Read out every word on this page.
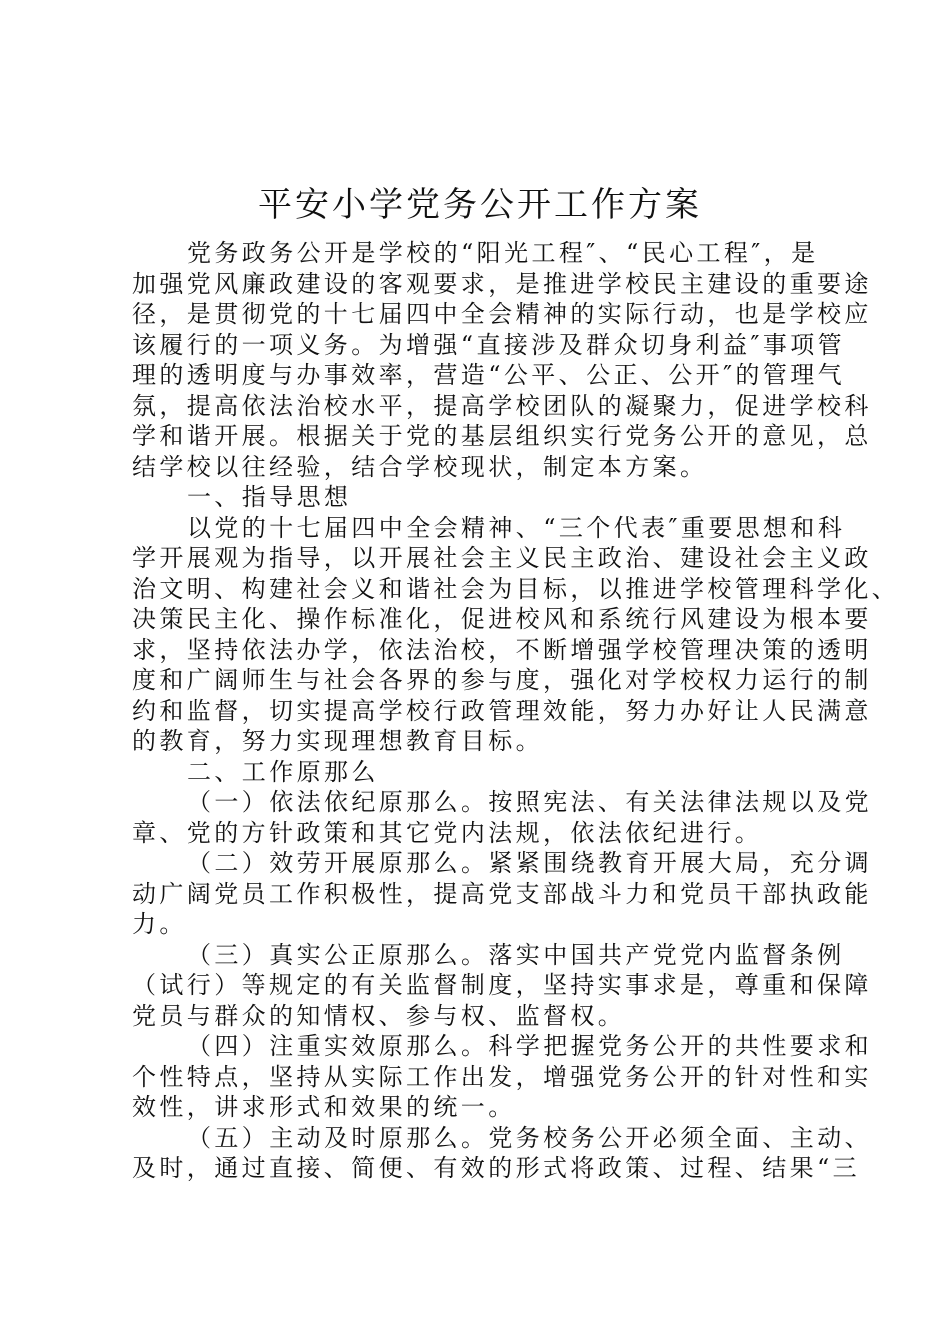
平安小学党务公开工作方案
党务政务公开是学校的“阳光工程″、“民心工程″，是
加强党风廉政建设的客观要求，是推进学校民主建设的重要途
径，是贯彻党的十七届四中全会精神的实际行动，也是学校应
该履行的一项义务。为增强“直接涉及群众切身利益″事项管
理的透明度与办事效率，营造“公平、公正、公开″的管理气
氛，提高依法治校水平，提高学校团队的凝聚力，促进学校科
学和谐开展。根据关于党的基层组织实行党务公开的意见，总
结学校以往经验，结合学校现状，制定本方案。
一、指导思想
以党的十七届四中全会精神、“三个代表″重要思想和科
学开展观为指导，以开展社会主义民主政治、建设社会主义政
治文明、构建社会义和谐社会为目标，以推进学校管理科学化、
决策民主化、操作标准化，促进校风和系统行风建设为根本要
求，坚持依法办学，依法治校，不断增强学校管理决策的透明
度和广阔师生与社会各界的参与度，强化对学校权力运行的制
约和监督，切实提高学校行政管理效能，努力办好让人民满意
的教育，努力实现理想教育目标。
二、工作原那么
（一）依法依纪原那么。按照宪法、有关法律法规以及党
章、党的方针政策和其它党内法规，依法依纪进行。
（二）效劳开展原那么。紧紧围绕教育开展大局，充分调
动广阔党员工作积极性，提高党支部战斗力和党员干部执政能
力。
（三）真实公正原那么。落实中国共产党党内监督条例
（试行）等规定的有关监督制度，坚持实事求是，尊重和保障
党员与群众的知情权、参与权、监督权。
（四）注重实效原那么。科学把握党务公开的共性要求和
个性特点，坚持从实际工作出发，增强党务公开的针对性和实
效性，讲求形式和效果的统一。
（五）主动及时原那么。党务校务公开必须全面、主动、
及时，通过直接、简便、有效的形式将政策、过程、结果“三
